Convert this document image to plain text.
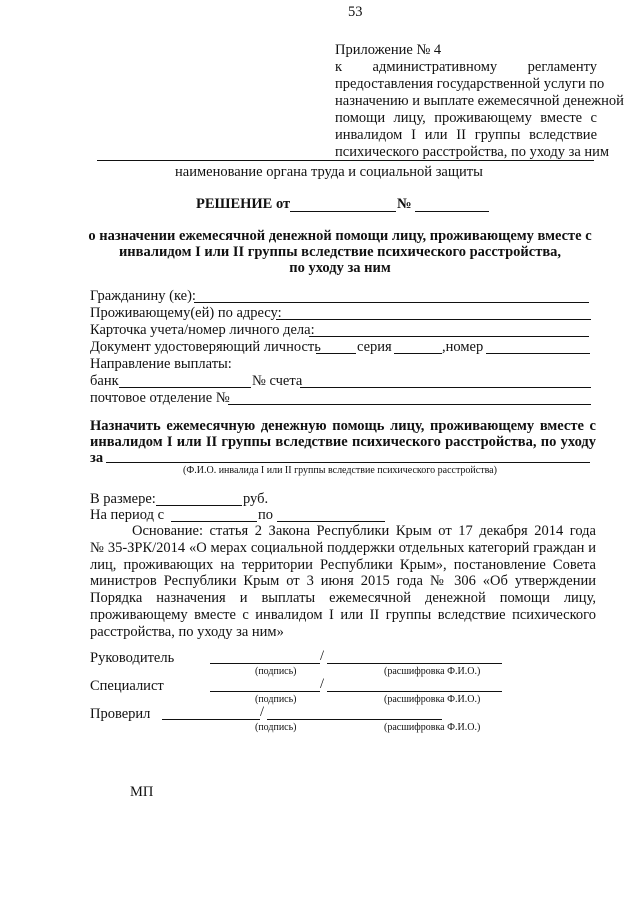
53
Приложение № 4
к административному регламенту
предоставления государственной услуги по
назначению и выплате ежемесячной денежной
помощи лицу, проживающему вместе с
инвалидом I или II группы вследствие
психического расстройства, по уходу за ним
наименование органа труда и социальной защиты
РЕШЕНИЕ от	№
о назначении ежемесячной денежной помощи лицу, проживающему вместе с
инвалидом I или II группы вследствие психического расстройства,
по уходу за ним
Гражданину (ке):
Проживающему(ей) по адресу:
Карточка учета/номер личного дела:
Документ удостоверяющий личность серия	,номер
Направление выплаты:
банк	№ счета
почтовое отделение №
Назначить ежемесячную денежную помощь лицу, проживающему вместе с
инвалидом I или II группы вследствие психического расстройства, по уходу
за
(Ф.И.О. инвалида I или II группы вследствие психического расстройства)
В размере:	руб.
На период с	по
Основание: статья 2 Закона Республики Крым от 17 декабря 2014 года
№ 35-ЗРК/2014 «О мерах социальной поддержки отдельных категорий граждан и
лиц, проживающих на территории Республики Крым», постановление Совета
министров Республики Крым от 3 июня 2015 года № 306 «Об утверждении
Порядка назначения и выплаты ежемесячной денежной помощи лицу,
проживающему вместе с инвалидом I или II группы вследствие психического
расстройства, по уходу за ним»
Руководитель	/
(подпись)	(расшифровка Ф.И.О.)
Специалист	/
(подпись)	(расшифровка Ф.И.О.)
Проверил	/
(подпись)	(расшифровка Ф.И.О.)
МП
